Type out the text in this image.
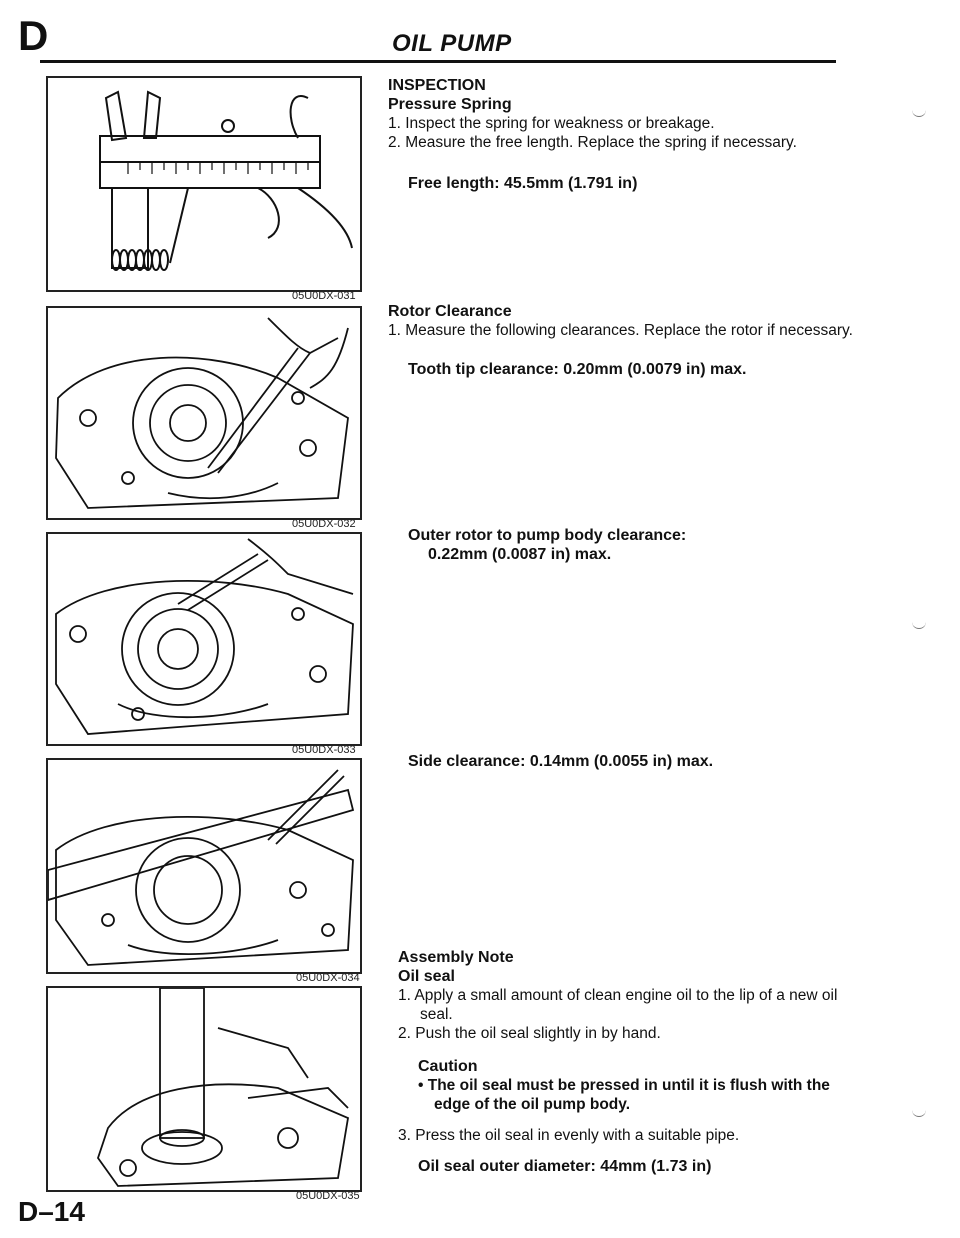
D	OIL PUMP
05U0DX-031
05U0DX-032
05U0DX-033
05U0DX-034
05U0DX-035
INSPECTION
Pressure Spring
1. Inspect the spring for weakness or breakage.
2. Measure the free length. Replace the spring if necessary.
Free length: 45.5mm (1.791 in)
Rotor Clearance
1. Measure the following clearances. Replace the rotor if necessary.
Tooth tip clearance: 0.20mm (0.0079 in) max.
Outer rotor to pump body clearance:
0.22mm (0.0087 in) max.
Side clearance: 0.14mm (0.0055 in) max.
Assembly Note
Oil seal
1. Apply a small amount of clean engine oil to the lip of a new oil seal.
2. Push the oil seal slightly in by hand.
Caution
• The oil seal must be pressed in until it is flush with the edge of the oil pump body.
3. Press the oil seal in evenly with a suitable pipe.
Oil seal outer diameter: 44mm (1.73 in)
D–14
